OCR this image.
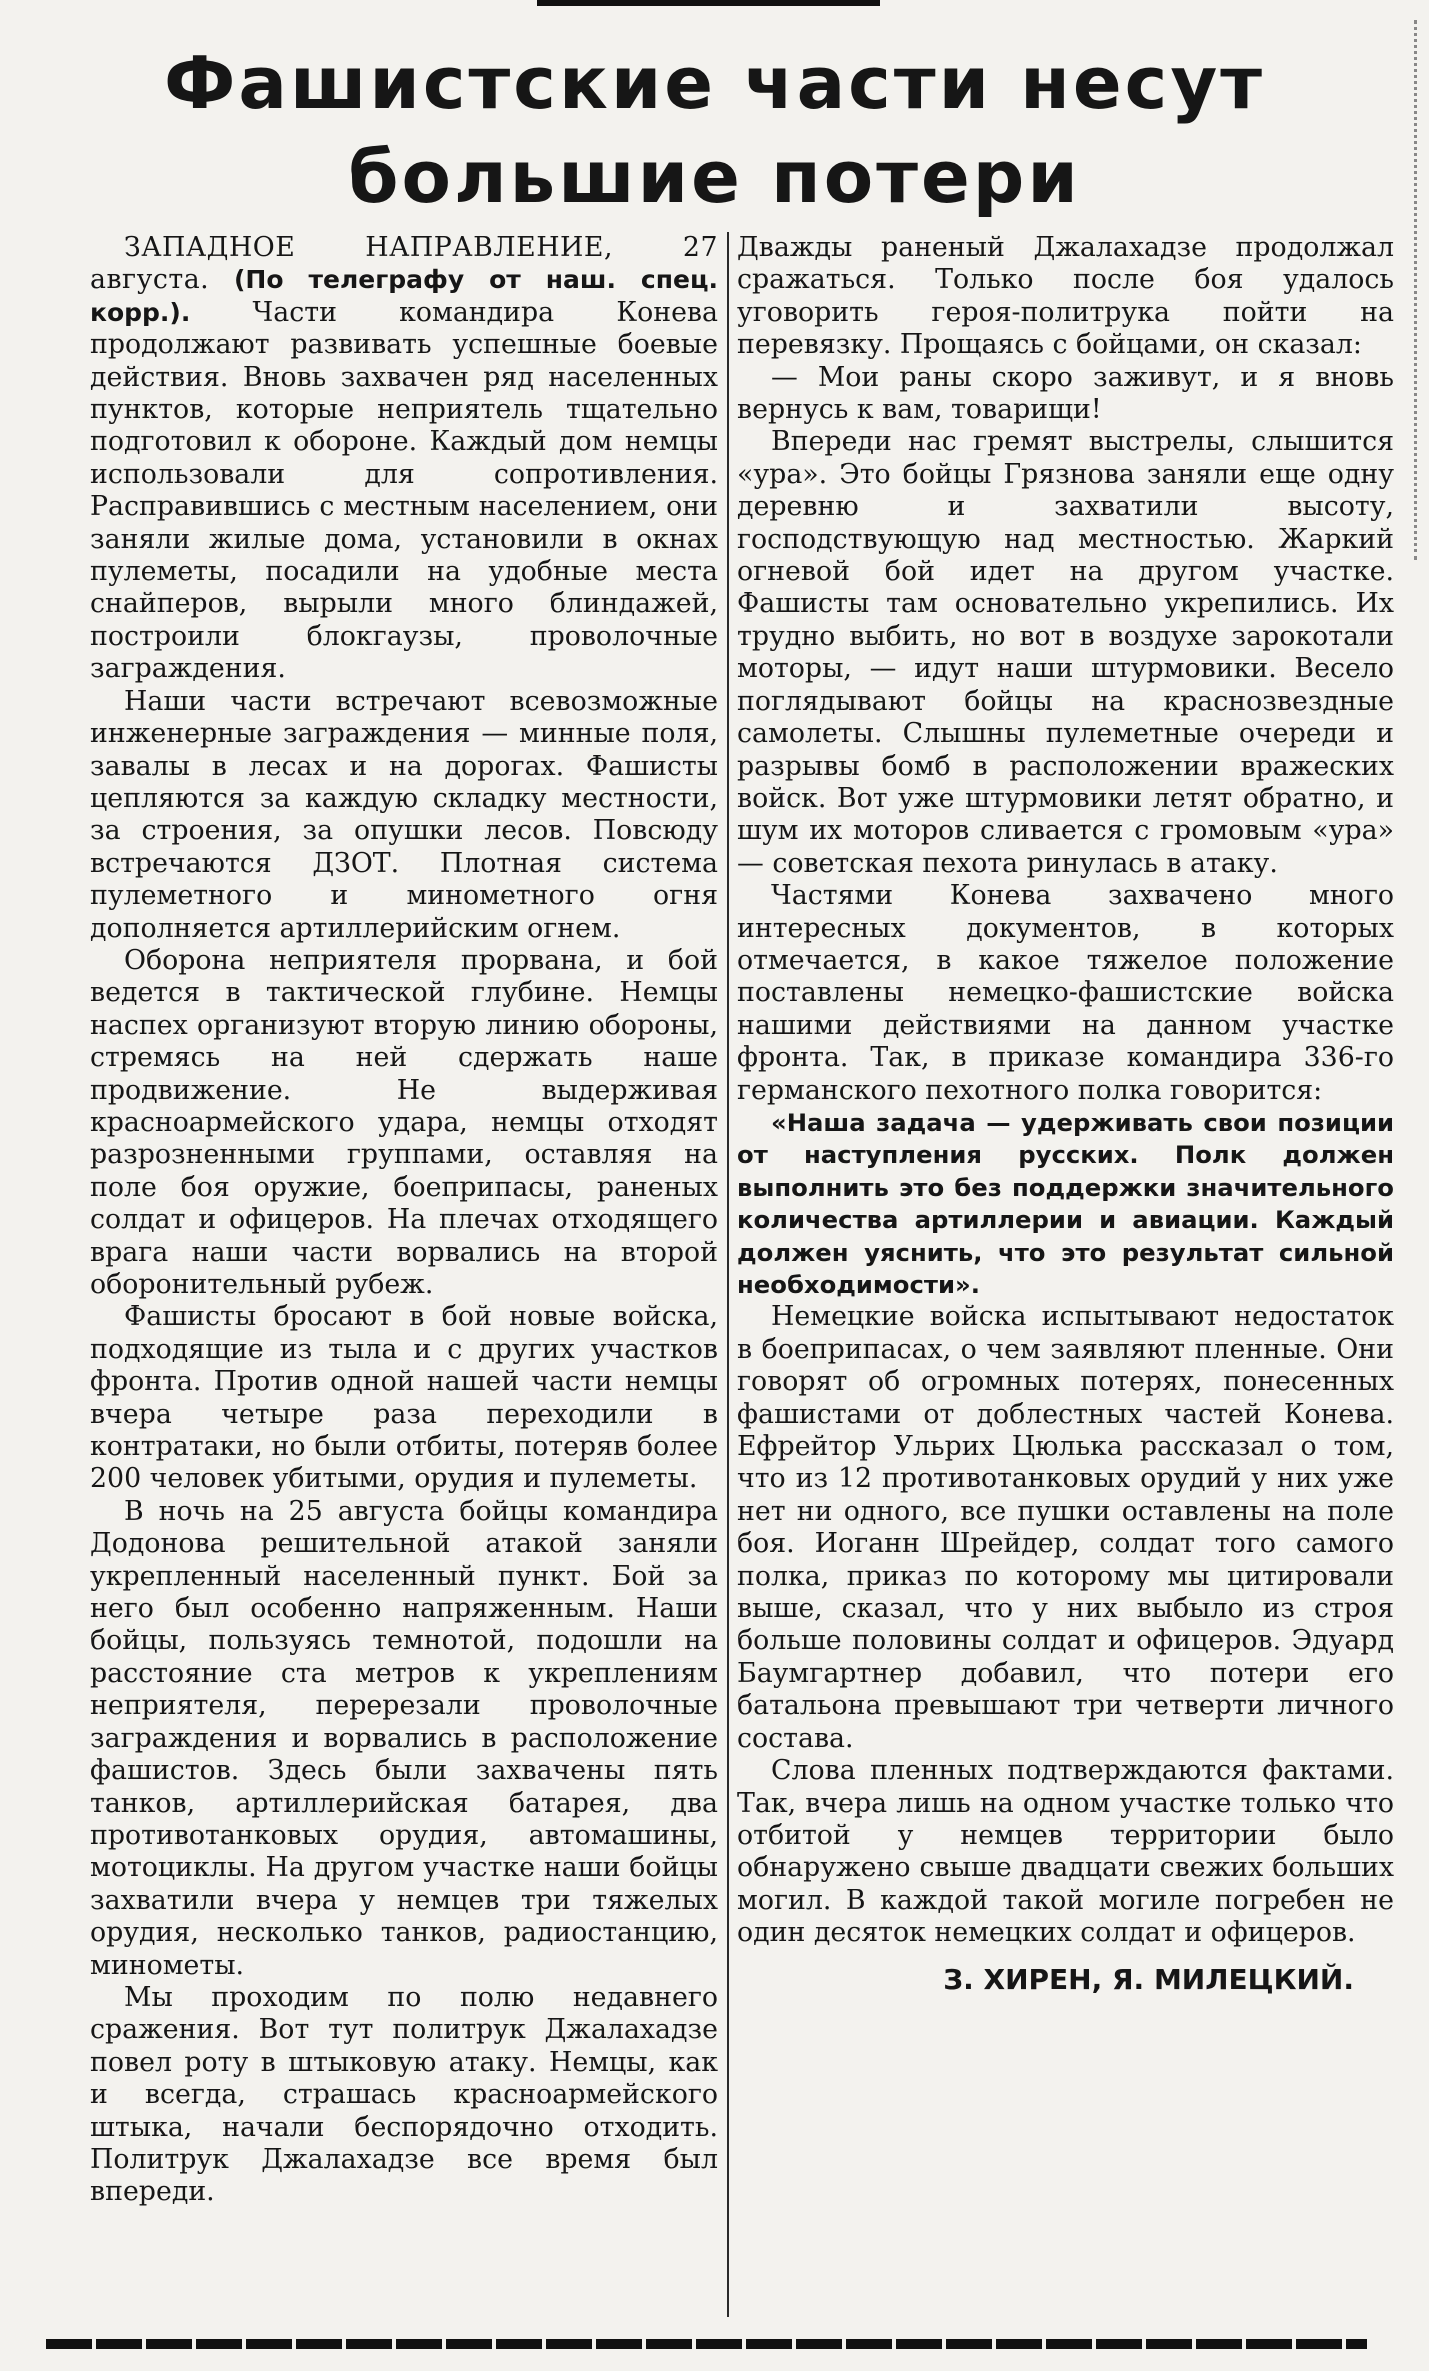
Фашистские части несут
большие потери

ЗАПАДНОЕ НАПРАВЛЕНИЕ, 27 августа. (По телеграфу от наш. спец. корр.). Части командира Конева продолжают развивать успешные боевые действия. Вновь захвачен ряд населенных пунктов, которые неприятель тщательно подготовил к обороне. Каждый дом немцы использовали для сопротивления. Расправившись с местным населением, они заняли жилые дома, установили в окнах пулеметы, посадили на удобные места снайперов, вырыли много блиндажей, построили блокгаузы, проволочные заграждения.

Наши части встречают всевозможные инженерные заграждения — минные поля, завалы в лесах и на дорогах. Фашисты цепляются за каждую складку местности, за строения, за опушки лесов. Повсюду встречаются ДЗОТ. Плотная система пулеметного и минометного огня дополняется артиллерийским огнем.

Оборона неприятеля прорвана, и бой ведется в тактической глубине. Немцы наспех организуют вторую линию обороны, стремясь на ней сдержать наше продвижение. Не выдерживая красноармейского удара, немцы отходят разрозненными группами, оставляя на поле боя оружие, боеприпасы, раненых солдат и офицеров. На плечах отходящего врага наши части ворвались на второй оборонительный рубеж.

Фашисты бросают в бой новые войска, подходящие из тыла и с других участков фронта. Против одной нашей части немцы вчера четыре раза переходили в контратаки, но были отбиты, потеряв более 200 человек убитыми, орудия и пулеметы.

В ночь на 25 августа бойцы командира Додонова решительной атакой заняли укрепленный населенный пункт. Бой за него был особенно напряженным. Наши бойцы, пользуясь темнотой, подошли на расстояние ста метров к укреплениям неприятеля, перерезали проволочные заграждения и ворвались в расположение фашистов. Здесь были захвачены пять танков, артиллерийская батарея, два противотанковых орудия, автомашины, мотоциклы. На другом участке наши бойцы захватили вчера у немцев три тяжелых орудия, несколько танков, радиостанцию, минометы.

Мы проходим по полю недавнего сражения. Вот тут политрук Джалахадзе повел роту в штыковую атаку. Немцы, как и всегда, страшась красноармейского штыка, начали беспорядочно отходить. Политрук Джалахадзе все время был впереди.

Дважды раненый Джалахадзе продолжал сражаться. Только после боя удалось уговорить героя-политрука пойти на перевязку. Прощаясь с бойцами, он сказал:

— Мои раны скоро заживут, и я вновь вернусь к вам, товарищи!

Впереди нас гремят выстрелы, слышится «ура». Это бойцы Грязнова заняли еще одну деревню и захватили высоту, господствующую над местностью. Жаркий огневой бой идет на другом участке. Фашисты там основательно укрепились. Их трудно выбить, но вот в воздухе зарокотали моторы, — идут наши штурмовики. Весело поглядывают бойцы на краснозвездные самолеты. Слышны пулеметные очереди и разрывы бомб в расположении вражеских войск. Вот уже штурмовики летят обратно, и шум их моторов сливается с громовым «ура» — советская пехота ринулась в атаку.

Частями Конева захвачено много интересных документов, в которых отмечается, в какое тяжелое положение поставлены немецко-фашистские войска нашими действиями на данном участке фронта. Так, в приказе командира 336-го германского пехотного полка говорится:

«Наша задача — удерживать свои позиции от наступления русских. Полк должен выполнить это без поддержки значительного количества артиллерии и авиации. Каждый должен уяснить, что это результат сильной необходимости».

Немецкие войска испытывают недостаток в боеприпасах, о чем заявляют пленные. Они говорят об огромных потерях, понесенных фашистами от доблестных частей Конева. Ефрейтор Ульрих Цюлька рассказал о том, что из 12 противотанковых орудий у них уже нет ни одного, все пушки оставлены на поле боя. Иоганн Шрейдер, солдат того самого полка, приказ по которому мы цитировали выше, сказал, что у них выбыло из строя больше половины солдат и офицеров. Эдуард Баумгартнер добавил, что потери его батальона превышают три четверти личного состава.

Слова пленных подтверждаются фактами. Так, вчера лишь на одном участке только что отбитой у немцев территории было обнаружено свыше двадцати свежих больших могил. В каждой такой могиле погребен не один десяток немецких солдат и офицеров.

З. ХИРЕН, Я. МИЛЕЦКИЙ.
